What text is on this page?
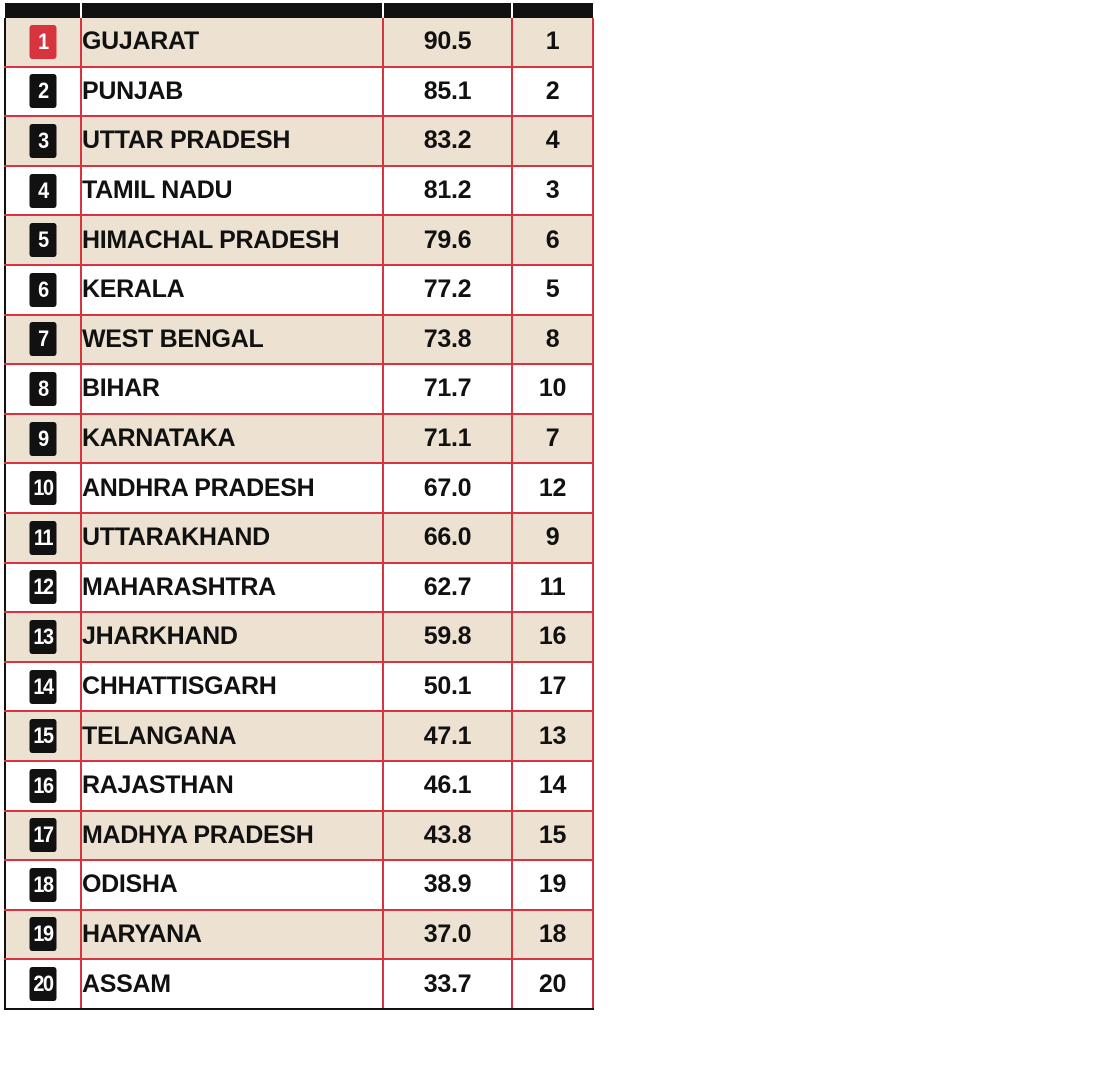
1	GUJARAT	90.5	1
2	PUNJAB	85.1	2
3	UTTAR PRADESH	83.2	4
4	TAMIL NADU	81.2	3
5	HIMACHAL PRADESH	79.6	6
6	KERALA	77.2	5
7	WEST BENGAL	73.8	8
8	BIHAR	71.7	10
9	KARNATAKA	71.1	7
10	ANDHRA PRADESH	67.0	12
11	UTTARAKHAND	66.0	9
12	MAHARASHTRA	62.7	11
13	JHARKHAND	59.8	16
14	CHHATTISGARH	50.1	17
15	TELANGANA	47.1	13
16	RAJASTHAN	46.1	14
17	MADHYA PRADESH	43.8	15
18	ODISHA	38.9	19
19	HARYANA	37.0	18
20	ASSAM	33.7	20
